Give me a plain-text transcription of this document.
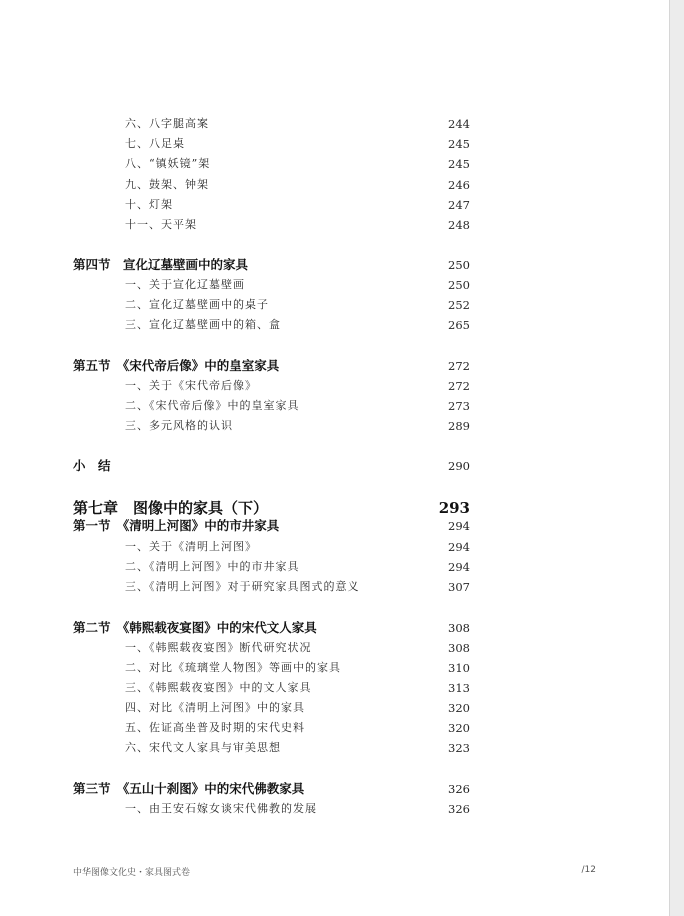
六、八字腿高案	244
七、八足桌	245
八、“镇妖镜”架	245
九、鼓架、钟架	246
十、灯架	247
十一、天平架	248
第四节　宣化辽墓壁画中的家具	250
一、关于宣化辽墓壁画	250
二、宣化辽墓壁画中的桌子	252
三、宣化辽墓壁画中的箱、盒	265
第五节　《宋代帝后像》中的皇室家具	272
一、关于《宋代帝后像》	272
二、《宋代帝后像》中的皇室家具	273
三、多元风格的认识	289
小　结	290
第七章　图像中的家具（下）	293
第一节　《清明上河图》中的市井家具	294
一、关于《清明上河图》	294
二、《清明上河图》中的市井家具	294
三、《清明上河图》对于研究家具图式的意义	307
第二节　《韩熙载夜宴图》中的宋代文人家具	308
一、《韩熙载夜宴图》断代研究状况	308
二、对比《琉璃堂人物图》等画中的家具	310
三、《韩熙载夜宴图》中的文人家具	313
四、对比《清明上河图》中的家具	320
五、佐证高坐普及时期的宋代史料	320
六、宋代文人家具与审美思想	323
第三节　《五山十刹图》中的宋代佛教家具	326
一、由王安石嫁女谈宋代佛教的发展	326
中华图像文化史・家具图式卷	/12
